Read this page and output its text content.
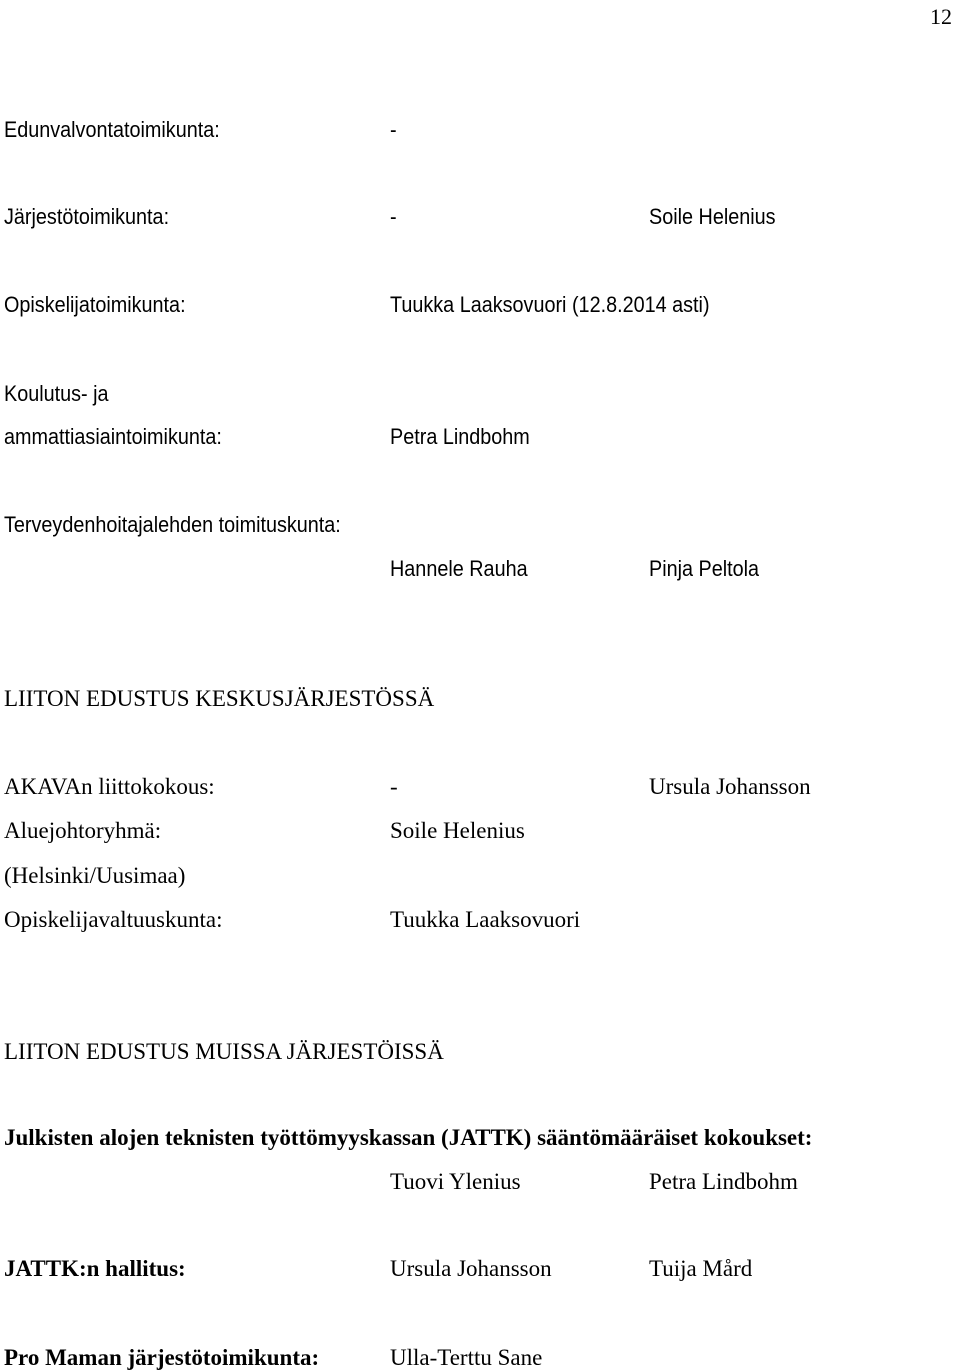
12
Edunvalvontatoimikunta:	-
Järjestötoimikunta:	-	Soile Helenius
Opiskelijatoimikunta:	Tuukka Laaksovuori (12.8.2014 asti)
Koulutus- ja
ammattiasiaintoimikunta:	Petra Lindbohm
Terveydenhoitajalehden toimituskunta:
Hannele Rauha	Pinja Peltola
LIITON EDUSTUS KESKUSJÄRJESTÖSSÄ
AKAVAn liittokokous:	-	Ursula Johansson
Aluejohtoryhmä:	Soile Helenius
(Helsinki/Uusimaa)
Opiskelijavaltuuskunta:	Tuukka Laaksovuori
LIITON EDUSTUS MUISSA JÄRJESTÖISSÄ
Julkisten alojen teknisten työttömyyskassan (JATTK) sääntömääräiset kokoukset:
Tuovi Ylenius	Petra Lindbohm
JATTK:n hallitus:	Ursula Johansson	Tuija Mård
Pro Maman järjestötoimikunta:	Ulla-Terttu Sane
